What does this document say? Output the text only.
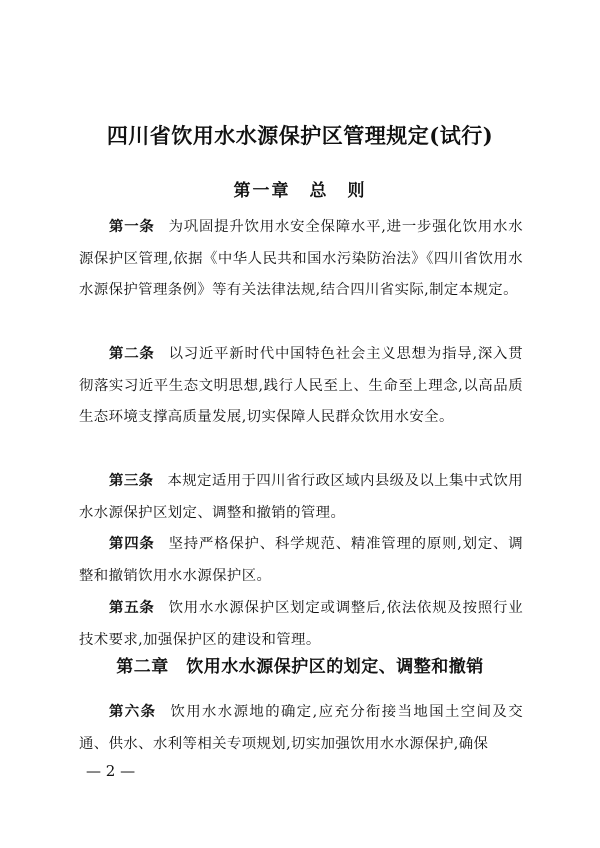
四川省饮用水水源保护区管理规定(试行)
第一章　总　则

第一条 为巩固提升饮用水安全保障水平,进一步强化饮用水水源保护区管理,依据《中华人民共和国水污染防治法》《四川省饮用水水源保护管理条例》等有关法律法规,结合四川省实际,制定本规定。

第二条 以习近平新时代中国特色社会主义思想为指导,深入贯彻落实习近平生态文明思想,践行人民至上、生命至上理念,以高品质生态环境支撑高质量发展,切实保障人民群众饮用水安全。

第三条 本规定适用于四川省行政区域内县级及以上集中式饮用水水源保护区划定、调整和撤销的管理。

第四条 坚持严格保护、科学规范、精准管理的原则,划定、调整和撤销饮用水水源保护区。

第五条 饮用水水源保护区划定或调整后,依法依规及按照行业技术要求,加强保护区的建设和管理。

第二章　饮用水水源保护区的划定、调整和撤销

第六条 饮用水水源地的确定,应充分衔接当地国土空间及交通、供水、水利等相关专项规划,切实加强饮用水水源保护,确保

— 2 —
